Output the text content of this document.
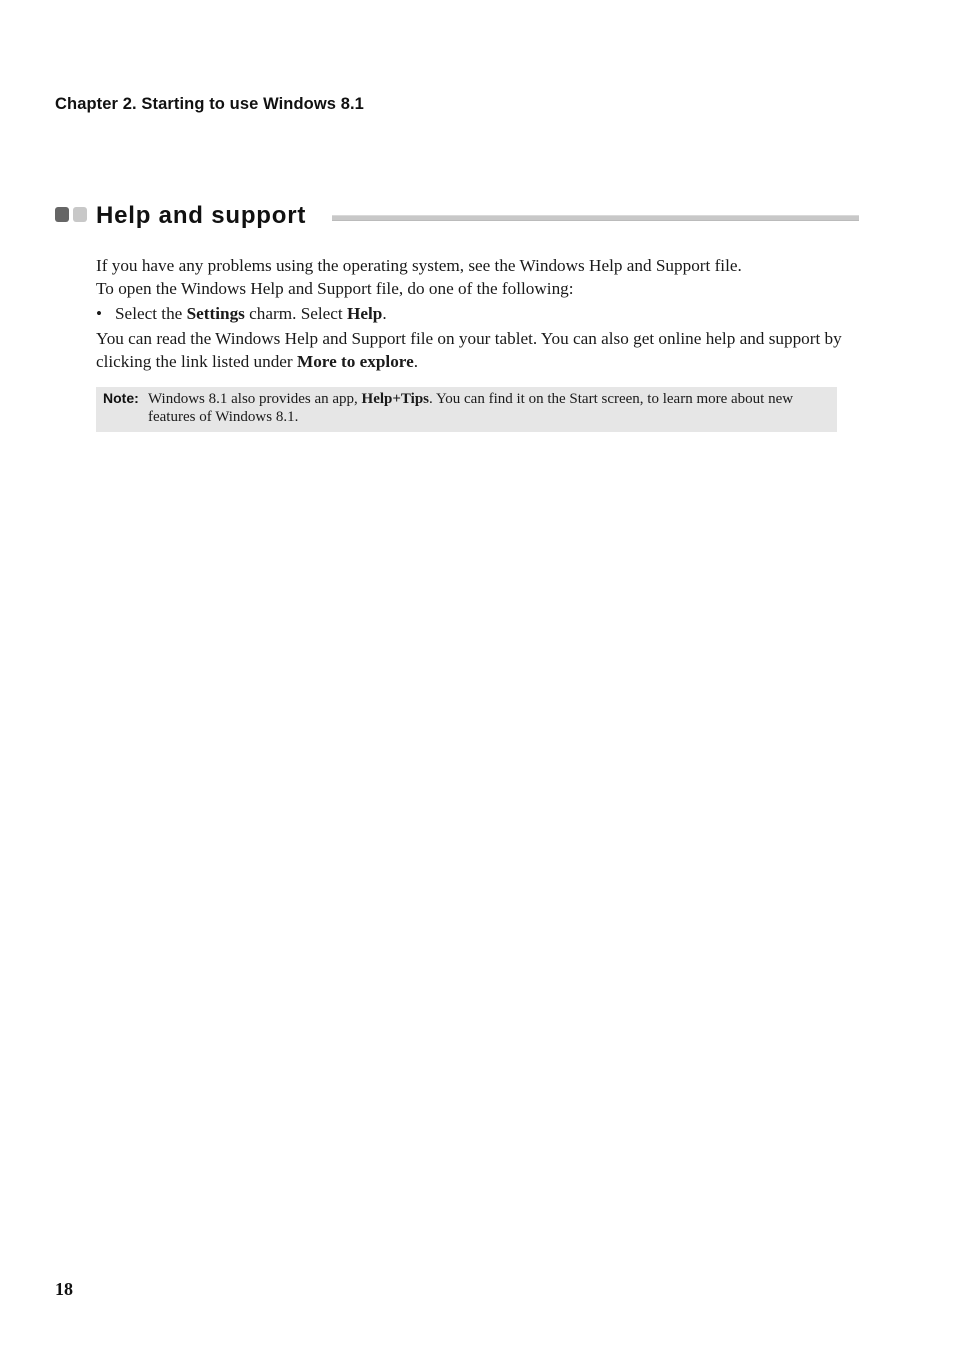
Chapter 2. Starting to use Windows 8.1
Help and support
If you have any problems using the operating system, see the Windows Help and Support file.
To open the Windows Help and Support file, do one of the following:
• Select the Settings charm. Select Help.
You can read the Windows Help and Support file on your tablet. You can also get online help and support by clicking the link listed under More to explore.
Note: Windows 8.1 also provides an app, Help+Tips. You can find it on the Start screen, to learn more about new features of Windows 8.1.
18
